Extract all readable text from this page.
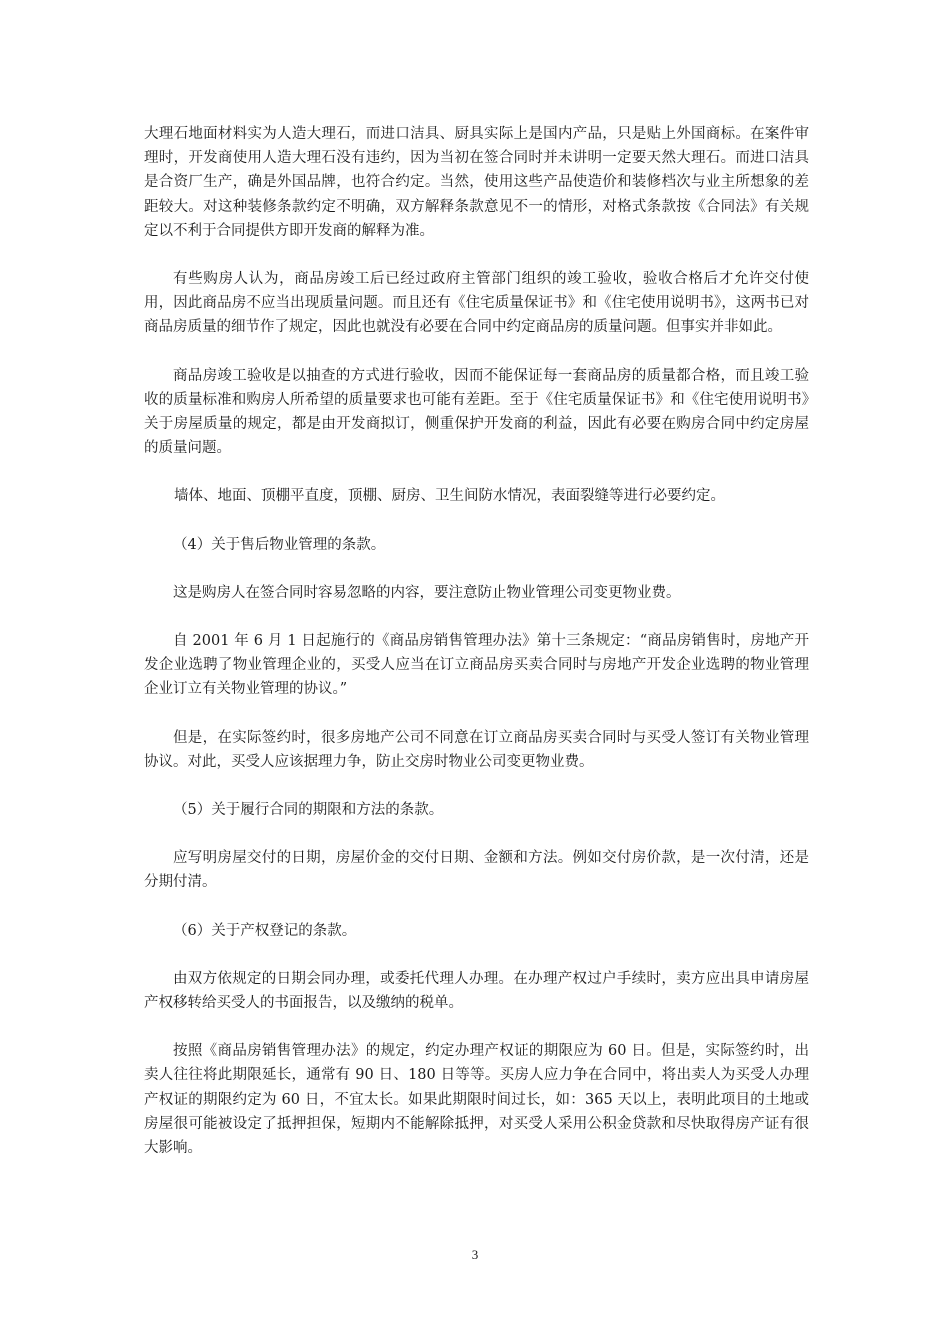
大理石地面材料实为人造大理石，而进口洁具、厨具实际上是国内产品，只是贴上外国商标。在案件审理时，开发商使用人造大理石没有违约，因为当初在签合同时并未讲明一定要天然大理石。而进口洁具是合资厂生产，确是外国品牌，也符合约定。当然，使用这些产品使造价和装修档次与业主所想象的差距较大。对这种装修条款约定不明确，双方解释条款意见不一的情形，对格式条款按《合同法》有关规定以不利于合同提供方即开发商的解释为准。

有些购房人认为，商品房竣工后已经过政府主管部门组织的竣工验收，验收合格后才允许交付使用，因此商品房不应当出现质量问题。而且还有《住宅质量保证书》和《住宅使用说明书》，这两书已对商品房质量的细节作了规定，因此也就没有必要在合同中约定商品房的质量问题。但事实并非如此。

商品房竣工验收是以抽查的方式进行验收，因而不能保证每一套商品房的质量都合格，而且竣工验收的质量标准和购房人所希望的质量要求也可能有差距。至于《住宅质量保证书》和《住宅使用说明书》关于房屋质量的规定，都是由开发商拟订，侧重保护开发商的利益，因此有必要在购房合同中约定房屋的质量问题。

墙体、地面、顶棚平直度，顶棚、厨房、卫生间防水情况，表面裂缝等进行必要约定。

（4）关于售后物业管理的条款。

这是购房人在签合同时容易忽略的内容，要注意防止物业管理公司变更物业费。

自 2001 年 6 月 1 日起施行的《商品房销售管理办法》第十三条规定：“商品房销售时，房地产开发企业选聘了物业管理企业的，买受人应当在订立商品房买卖合同时与房地产开发企业选聘的物业管理企业订立有关物业管理的协议。”

但是，在实际签约时，很多房地产公司不同意在订立商品房买卖合同时与买受人签订有关物业管理协议。对此，买受人应该据理力争，防止交房时物业公司变更物业费。

（5）关于履行合同的期限和方法的条款。

应写明房屋交付的日期，房屋价金的交付日期、金额和方法。例如交付房价款，是一次付清，还是分期付清。

（6）关于产权登记的条款。

由双方依规定的日期会同办理，或委托代理人办理。在办理产权过户手续时，卖方应出具申请房屋产权移转给买受人的书面报告，以及缴纳的税单。

按照《商品房销售管理办法》的规定，约定办理产权证的期限应为 60 日。但是，实际签约时，出卖人往往将此期限延长，通常有 90 日、180 日等等。买房人应力争在合同中，将出卖人为买受人办理产权证的期限约定为 60 日，不宜太长。如果此期限时间过长，如：365 天以上，表明此项目的土地或房屋很可能被设定了抵押担保，短期内不能解除抵押，对买受人采用公积金贷款和尽快取得房产证有很大影响。

3
